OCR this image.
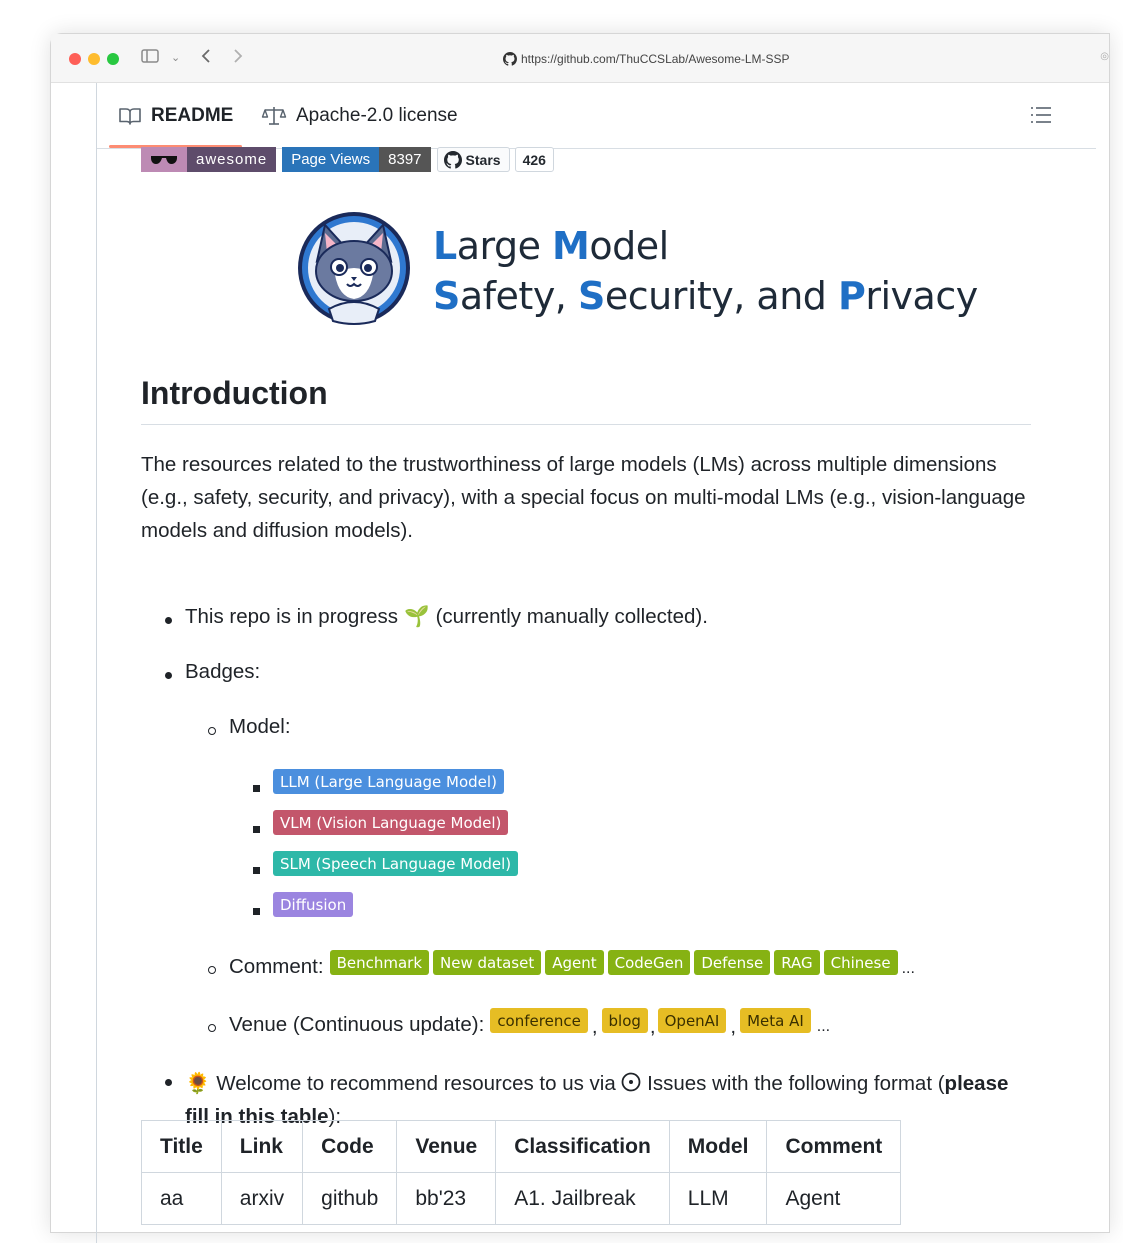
⌄	https://github.com/ThuCCSLab/Awesome-LM-SSP	◎
README	Apache-2.0 license
awesome	Page Views	8397	Stars	426
Large Model
Safety, Security, and Privacy
Introduction

The resources related to the trustworthiness of large models (LMs) across multiple dimensions (e.g., safety, security, and privacy), with a special focus on multi-modal LMs (e.g., vision-language models and diffusion models).

This repo is in progress 🌱 (currently manually collected).
Badges:
Model:
LLM (Large Language Model)
VLM (Vision Language Model)
SLM (Speech Language Model)
Diffusion
Comment: Benchmark	New dataset	Agent	CodeGen	Defense	RAG	Chinese ...
Venue (Continuous update): conference , blog , OpenAI , Meta AI ...
🌻 Welcome to recommend resources to us via Issues with the following format (please
fill in this table):
Title	Link	Code	Venue	Classification	Model	Comment
aa	arxiv	github	bb'23	A1. Jailbreak	LLM	Agent
